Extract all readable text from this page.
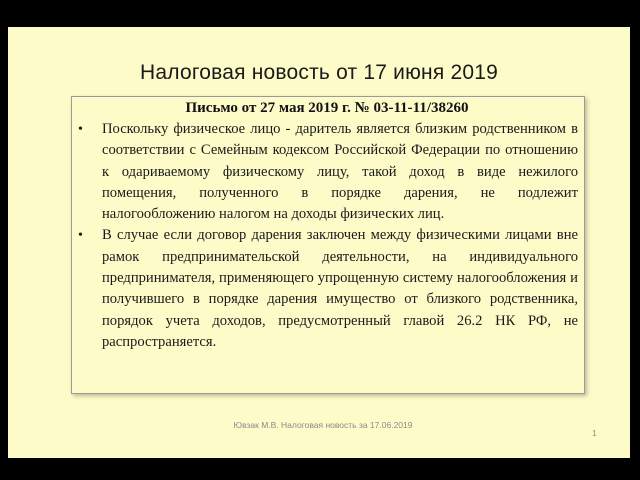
Налоговая новость от 17 июня 2019
Письмо от 27 мая 2019 г. № 03-11-11/38260
• Поскольку физическое лицо - даритель является близким родственником в соответствии с Семейным кодексом Российской Федерации по отношению к одариваемому физическому лицу, такой доход в виде нежилого помещения, полученного в порядке дарения, не подлежит налогообложению налогом на доходы физических лиц.
• В случае если договор дарения заключен между физическими лицами вне рамок предпринимательской деятельности, на индивидуального предпринимателя, применяющего упрощенную систему налогообложения и получившего в порядке дарения имущество от близкого родственника, порядок учета доходов, предусмотренный главой 26.2 НК РФ, не распространяется.
Ювзак М.В. Налоговая новость за 17.06.2019
1
